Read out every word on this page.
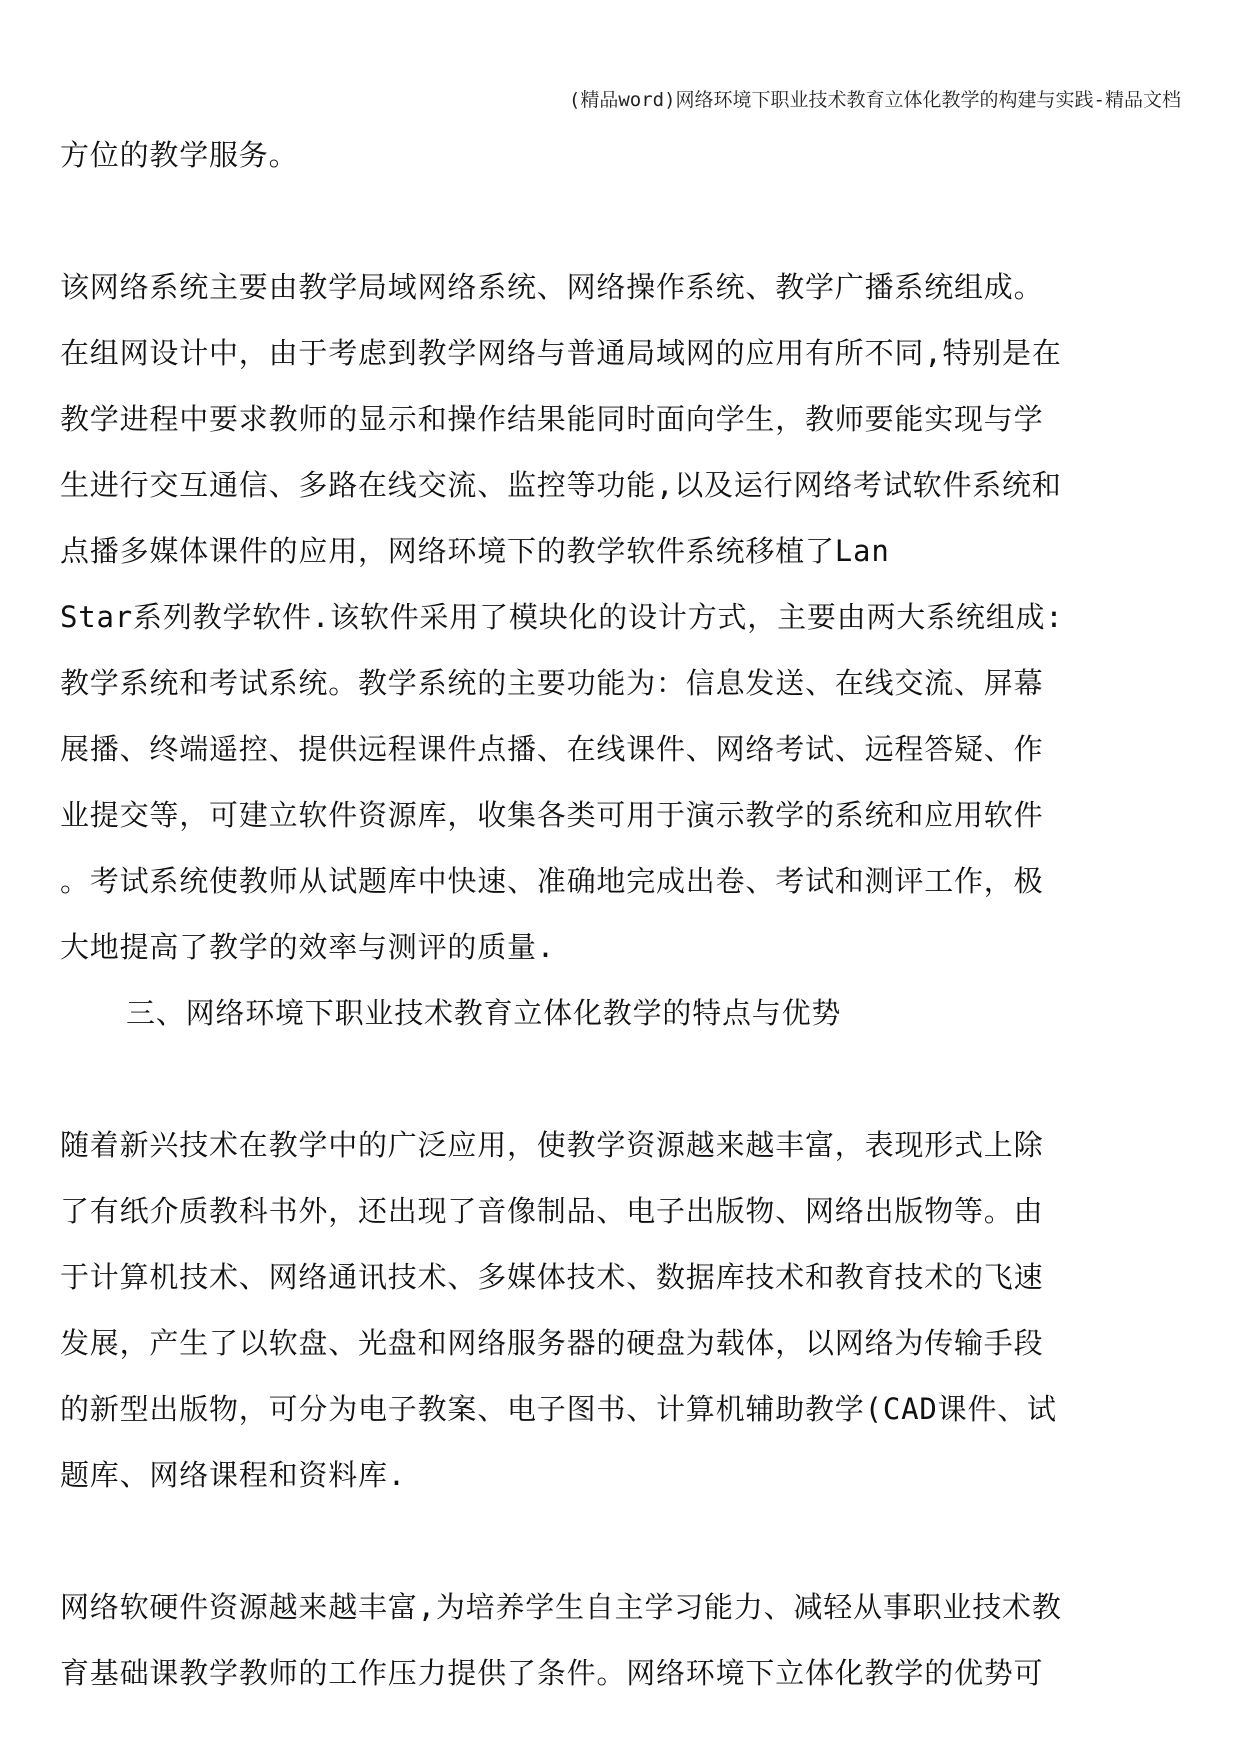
(精品word)网络环境下职业技术教育立体化教学的构建与实践-精品文档
方位的教学服务。
该网络系统主要由教学局域网络系统、网络操作系统、教学广播系统组成。
在组网设计中，由于考虑到教学网络与普通局域网的应用有所不同,特别是在
教学进程中要求教师的显示和操作结果能同时面向学生，教师要能实现与学
生进行交互通信、多路在线交流、监控等功能,以及运行网络考试软件系统和
点播多媒体课件的应用，网络环境下的教学软件系统移植了Lan
Star系列教学软件.该软件采用了模块化的设计方式，主要由两大系统组成:
教学系统和考试系统。教学系统的主要功能为：信息发送、在线交流、屏幕
展播、终端遥控、提供远程课件点播、在线课件、网络考试、远程答疑、作
业提交等，可建立软件资源库，收集各类可用于演示教学的系统和应用软件
。考试系统使教师从试题库中快速、准确地完成出卷、考试和测评工作，极
大地提高了教学的效率与测评的质量.
三、网络环境下职业技术教育立体化教学的特点与优势
随着新兴技术在教学中的广泛应用，使教学资源越来越丰富，表现形式上除
了有纸介质教科书外，还出现了音像制品、电子出版物、网络出版物等。由
于计算机技术、网络通讯技术、多媒体技术、数据库技术和教育技术的飞速
发展，产生了以软盘、光盘和网络服务器的硬盘为载体，以网络为传输手段
的新型出版物，可分为电子教案、电子图书、计算机辅助教学(CAD课件、试
题库、网络课程和资料库.
网络软硬件资源越来越丰富,为培养学生自主学习能力、减轻从事职业技术教
育基础课教学教师的工作压力提供了条件。网络环境下立体化教学的优势可
